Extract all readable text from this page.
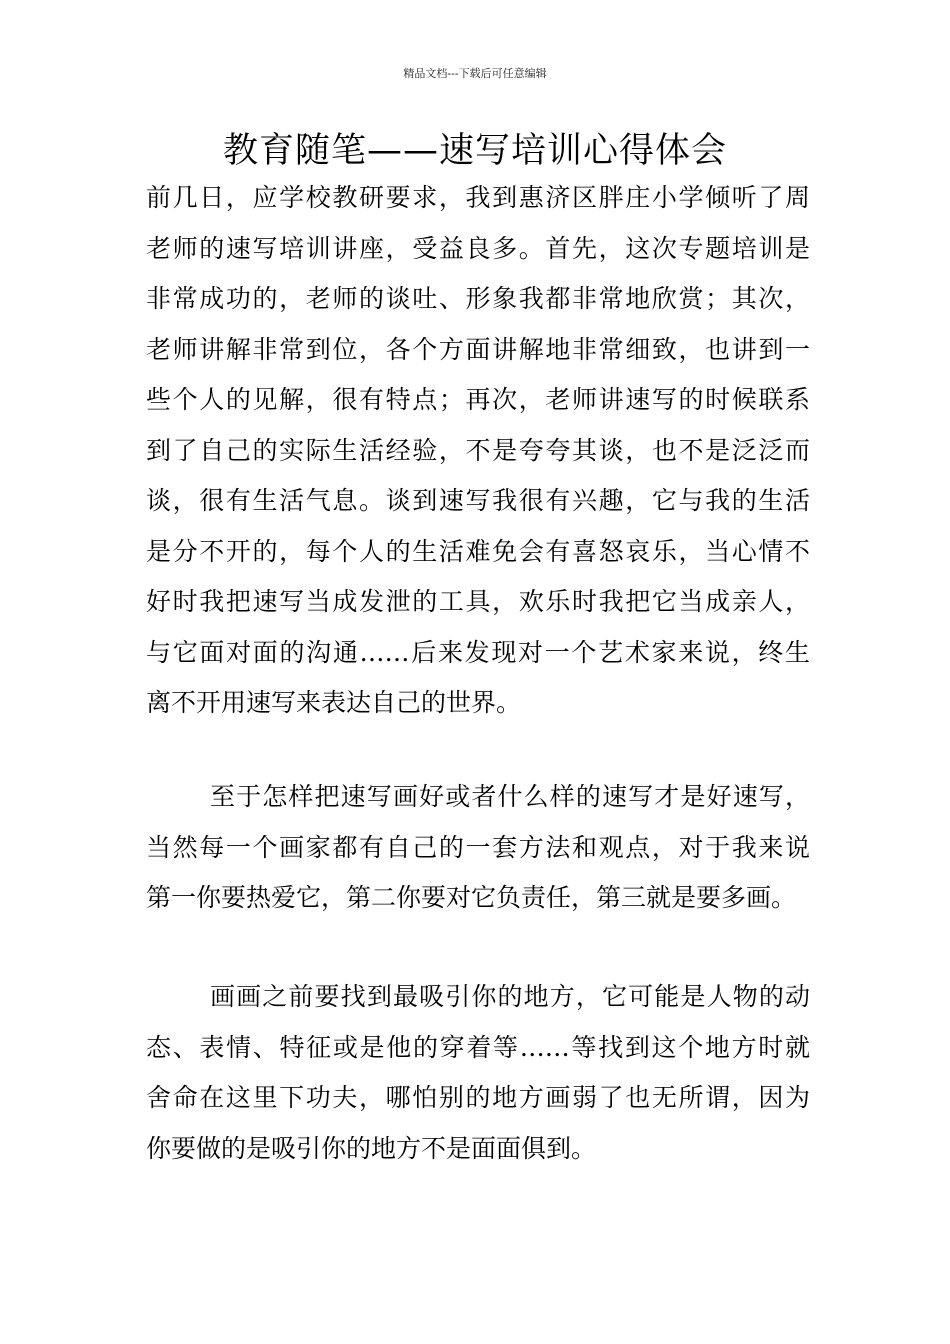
精品文档---下载后可任意编辑
教育随笔——速写培训心得体会
前几日，应学校教研要求，我到惠济区胖庄小学倾听了周
老师的速写培训讲座，受益良多。首先，这次专题培训是
非常成功的，老师的谈吐、形象我都非常地欣赏；其次，
老师讲解非常到位，各个方面讲解地非常细致，也讲到一
些个人的见解，很有特点；再次，老师讲速写的时候联系
到了自己的实际生活经验，不是夸夸其谈，也不是泛泛而
谈，很有生活气息。谈到速写我很有兴趣，它与我的生活
是分不开的，每个人的生活难免会有喜怒哀乐，当心情不
好时我把速写当成发泄的工具，欢乐时我把它当成亲人，
与它面对面的沟通……后来发现对一个艺术家来说，终生
离不开用速写来表达自己的世界。
至于怎样把速写画好或者什么样的速写才是好速写，
当然每一个画家都有自己的一套方法和观点，对于我来说
第一你要热爱它，第二你要对它负责任，第三就是要多画。
画画之前要找到最吸引你的地方，它可能是人物的动
态、表情、特征或是他的穿着等……等找到这个地方时就
舍命在这里下功夫，哪怕别的地方画弱了也无所谓，因为
你要做的是吸引你的地方不是面面俱到。
